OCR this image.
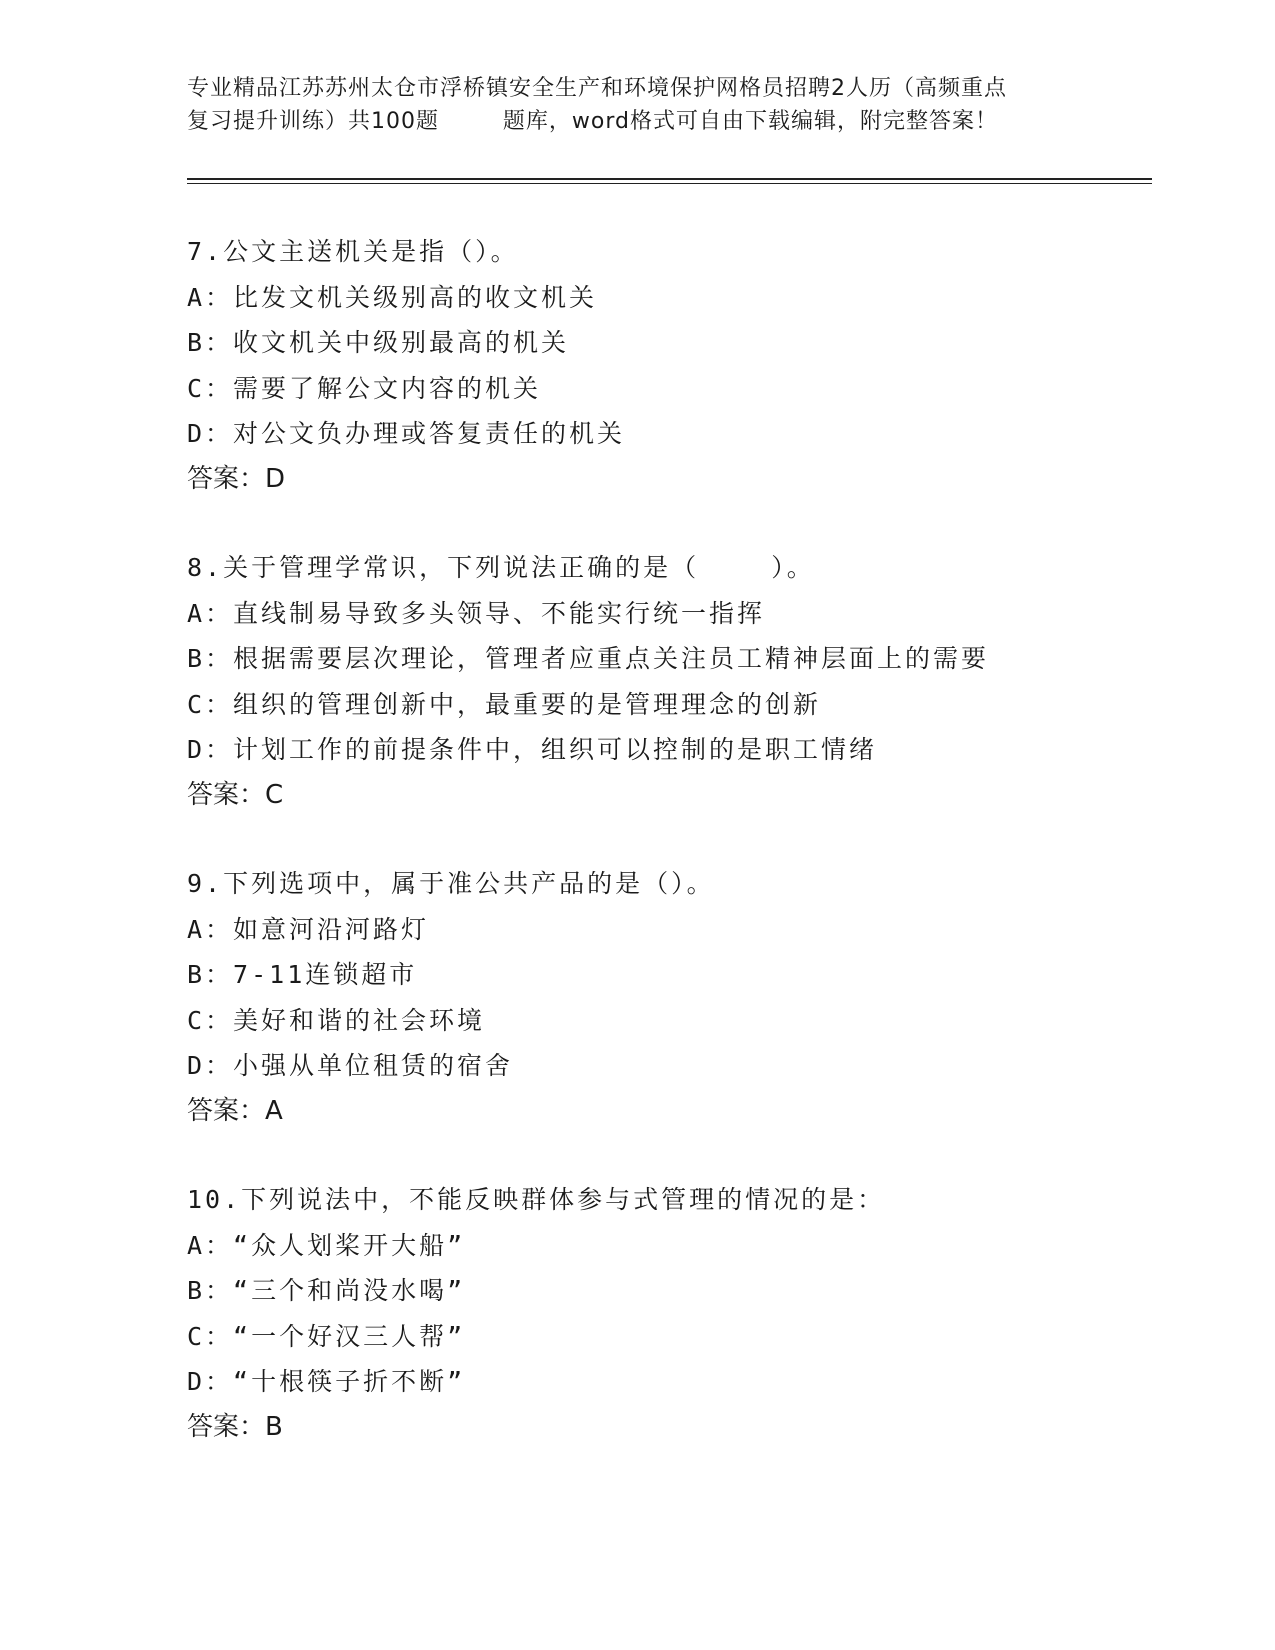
专业精品江苏苏州太仓市浮桥镇安全生产和环境保护网格员招聘2人历（高频重点
复习提升训练）共100题        题库，word格式可自由下载编辑，附完整答案！
7.公文主送机关是指（）。
A：比发文机关级别高的收文机关
B：收文机关中级别最高的机关
C：需要了解公文内容的机关
D：对公文负办理或答复责任的机关
答案：D
8.关于管理学常识，下列说法正确的是（    ）。
A：直线制易导致多头领导、不能实行统一指挥
B：根据需要层次理论，管理者应重点关注员工精神层面上的需要
C：组织的管理创新中，最重要的是管理理念的创新
D：计划工作的前提条件中，组织可以控制的是职工情绪
答案：C
9.下列选项中，属于准公共产品的是（）。
A：如意河沿河路灯
B：7-11连锁超市
C：美好和谐的社会环境
D：小强从单位租赁的宿舍
答案：A
10.下列说法中，不能反映群体参与式管理的情况的是：
A：“众人划桨开大船”
B：“三个和尚没水喝”
C：“一个好汉三人帮”
D：“十根筷子折不断”
答案：B
